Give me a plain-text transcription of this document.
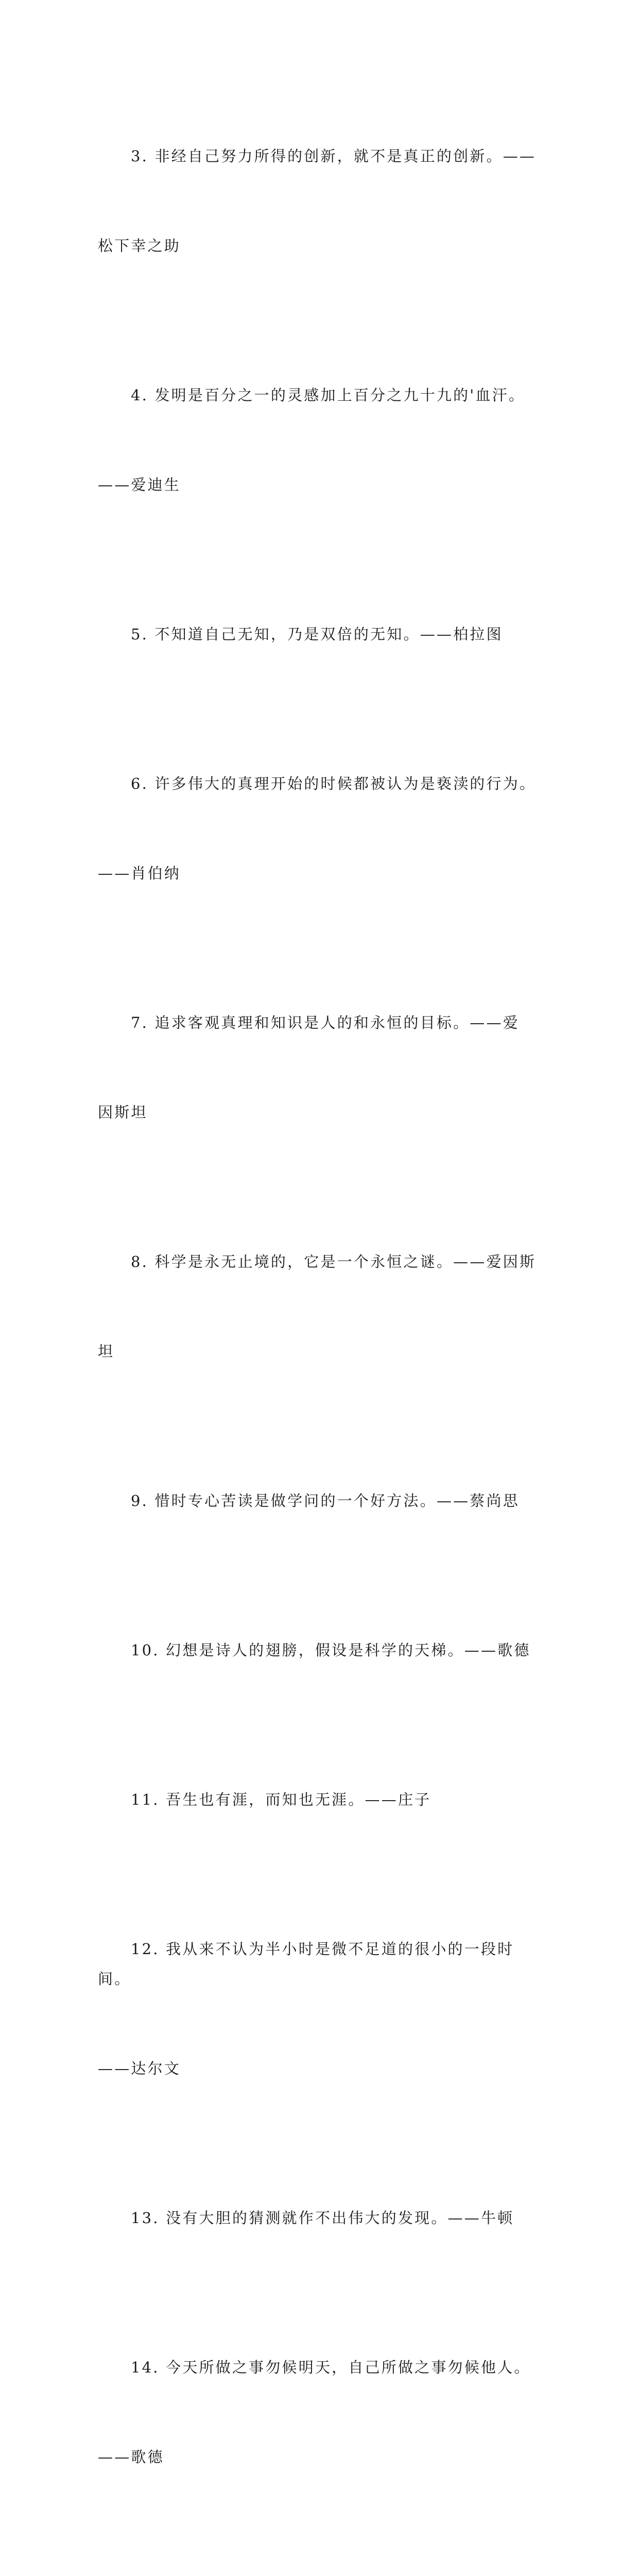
3. 非经自己努力所得的创新，就不是真正的创新。——

松下幸之助

4. 发明是百分之一的灵感加上百分之九十九的'血汗。

——爱迪生

5. 不知道自己无知，乃是双倍的无知。——柏拉图

6. 许多伟大的真理开始的时候都被认为是亵渎的行为。

——肖伯纳

7. 追求客观真理和知识是人的和永恒的目标。——爱

因斯坦

8. 科学是永无止境的，它是一个永恒之谜。——爱因斯

坦

9. 惜时专心苦读是做学问的一个好方法。——蔡尚思

10. 幻想是诗人的翅膀，假设是科学的天梯。——歌德

11. 吾生也有涯，而知也无涯。——庄子

12. 我从来不认为半小时是微不足道的很小的一段时间。

——达尔文

13. 没有大胆的猜测就作不出伟大的发现。——牛顿

14. 今天所做之事勿候明天，自己所做之事勿候他人。

——歌德
